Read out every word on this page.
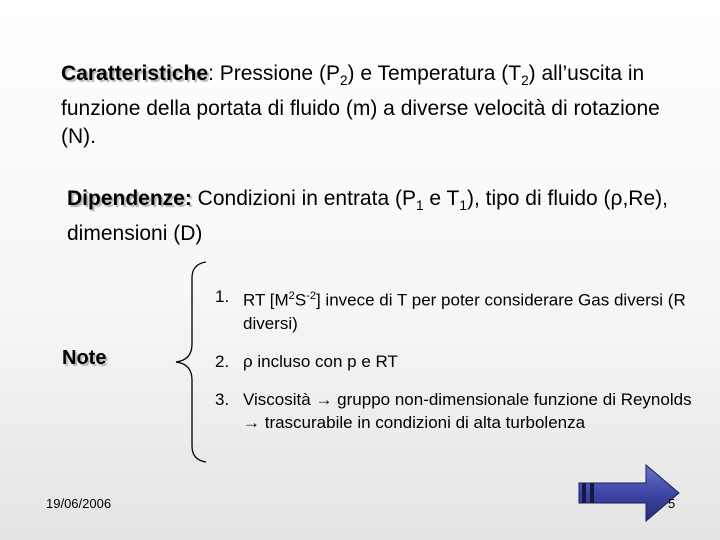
Caratteristiche: Pressione $(P_2)$ e Temperatura $(T_2)$ all’uscita in funzione della portata di fluido (m) a diverse velocità di rotazione (N).
Dipendenze: Condizioni in entrata ($P_1$ e $T_1$), tipo di fluido (ρ,Re), dimensioni (D)
Note
1. RT $[M^2S^{-2}]$ invece di T per poter considerare Gas diversi (R diversi)
2. ρ incluso con p e RT
3. Viscosità → gruppo non-dimensionale funzione di Reynolds → trascurabile in condizioni di alta turbolenza
19/06/2006	5
